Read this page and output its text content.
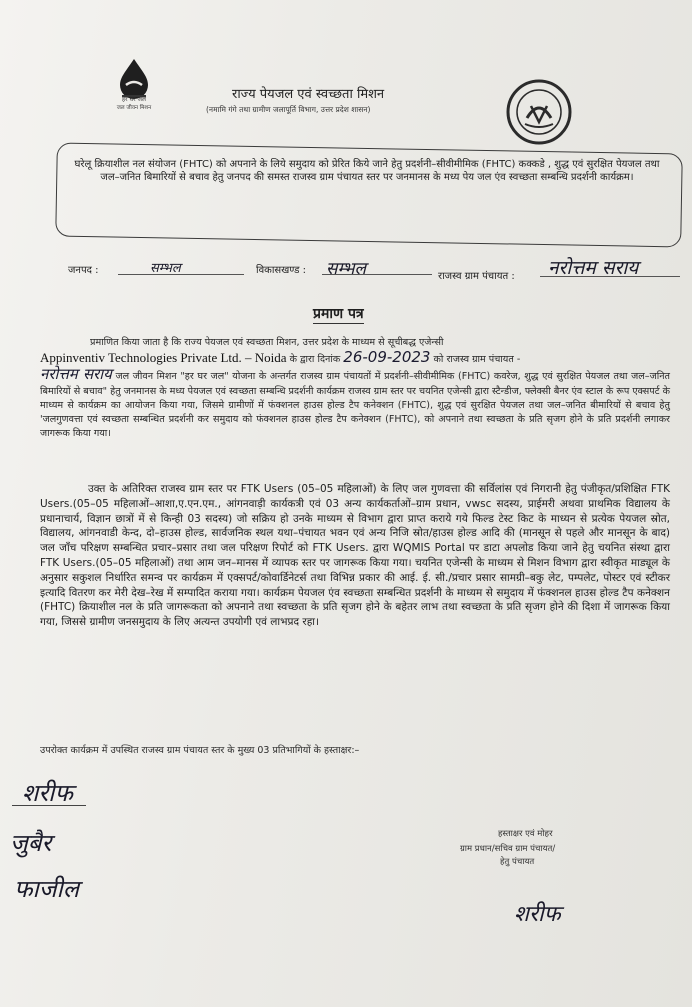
हर घर जल
जल जीवन मिशन
राज्य पेयजल एवं स्वच्छता मिशन
(नमामि गंगे तथा ग्रामीण जलापूर्ति विभाग, उत्तर प्रदेश शासन)
घरेलू क्रियाशील नल संयोजन (FHTC) को अपनाने के लिये समुदाय को प्रेरित किये जाने हेतु प्रदर्शनी–सीवीमीमिक (FHTC) कक्कडे , शुद्ध एवं सुरक्षित पेयजल तथा जल–जनित बिमारियों से बचाव हेतु जनपद की समस्त राजस्व ग्राम पंचायत स्तर पर जनमानस के मध्य पेय जल एंव स्वच्छता सम्बन्धि प्रदर्शनी कार्यक्रम।
जनपद :	सम्भल	विकासखण्ड : सम्भल	राजस्व ग्राम पंचायत : नरोत्तम सराय
प्रमाण पत्र
प्रमाणित किया जाता है कि राज्य पेयजल एवं स्वच्छता मिशन, उत्तर प्रदेश के माध्यम से सूचीबद्ध एजेन्सी
Appinventiv Technologies Private Ltd. – Noida के द्वारा दिनांक 26-09-2023 को राजस्व ग्राम पंचायत -
नरोत्तम सराय जल जीवन मिशन "हर घर जल" योजना के अन्तर्गत राजस्व ग्राम पंचायतों में प्रदर्शनी–सीवीमीमिक (FHTC) कवरेज, शुद्ध एवं सुरक्षित पेयजल तथा जल–जनित बिमारियों से बचाव" हेतु जनमानस के मध्य पेयजल एवं स्वच्छता सम्बन्धि प्रदर्शनी कार्यक्रम राजस्व ग्राम स्तर पर चयनित एजेन्सी द्वारा स्टैन्डीज, फ्लेक्सी बैनर एंव स्टाल के रूप एक्सपर्ट के माध्यम से कार्यक्रम का आयोजन किया गया, जिसमे ग्रामीणों में फंक्शनल हाउस होल्ड टैप कनेक्शन (FHTC), शुद्ध एवं सुरक्षित पेयजल तथा जल–जनित बीमारियों से बचाव हेतु 'जलगुणवत्ता एवं स्वच्छता सम्बन्धित प्रदर्शनी कर समुदाय को फंक्शनल हाउस होल्ड टैप कनेक्शन (FHTC), को अपनाने तथा स्वच्छता के प्रति सृजग होने के प्रति प्रदर्शनी लगाकर जागरूक किया गया।
उक्त के अतिरिक्त राजस्व ग्राम स्तर पर FTK Users (05–05 महिलाओं) के लिए जल गुणवत्ता की सर्विलांस एवं निगरानी हेतु पंजीकृत/प्रशिक्षित FTK Users.(05–05 महिलाओं–आशा,ए.एन.एम., आंगनवाड़ी कार्यकत्री एवं 03 अन्य कार्यकर्ताओं–ग्राम प्रधान, vwsc सदस्य, प्राईमरी अथवा प्राथमिक विद्यालय के प्रधानाचार्य, विज्ञान छात्रों में से किन्ही 03 सदस्य) जो सक्रिय हो उनके माध्यम से विभाग द्वारा प्राप्त कराये गये फिल्ड टेस्ट किट के माध्यन से प्रत्येक पेयजल स्रोत, विद्यालय, आंगनवाडी केन्द, दो–हाउस होल्ड, सार्वजनिक स्थल यथा–पंचायत भवन एवं अन्य निजि स्रोत/हाउस होल्ड आदि की (मानसून से पहले और मानसून के बाद) जल जाँच परिक्षण सम्बन्धित प्रचार–प्रसार तथा जल परिक्षण रिपोर्ट को FTK Users. द्वारा WQMIS Portal पर डाटा अपलोड किया जाने हेतु चयनित संस्था द्वारा FTK Users.(05–05 महिलाओं) तथा आम जन–मानस में व्यापक स्तर पर जागरूक किया गया। चयनित एजेन्सी के माध्यम से मिशन विभाग द्वारा स्वीकृत माड्यूल के अनुसार सकुशल निर्धारित समन्व पर कार्यक्रम में एक्सपर्ट/कोवार्डिनेटर्स तथा विभिन्न प्रकार की आई. ई. सी./प्रचार प्रसार सामग्री–बकु लेट, पम्पलेट, पोस्टर एवं स्टीकर इत्यादि वितरण कर मेरी देख–रेख में सम्पादित कराया गया। कार्यक्रम पेयजल एंव स्वच्छता सम्बन्धित प्रदर्शनी के माध्यम से समुदाय में फंक्शनल हाउस होल्ड टैप कनेक्शन (FHTC) क्रियाशील नल के प्रति जागरूकता को अपनाने तथा स्वच्छता के प्रति सृजग होने के बहेतर लाभ तथा स्वच्छता के प्रति सृजग होने की दिशा में जागरूक किया गया, जिससे ग्रामीण जनसमुदाय के लिए अत्यन्त उपयोगी एवं लाभप्रद रहा।
उपरोक्त कार्यक्रम में उपस्थित राजस्व ग्राम पंचायत स्तर के मुख्य 03 प्रतिभागियों के हस्ताक्षर:–
शरीफ
जुबैर
फाजील
हस्ताक्षर एवं मोहर
ग्राम प्रधान/सचिव ग्राम पंचायत/
हेतु पंचायत
शरीफ
